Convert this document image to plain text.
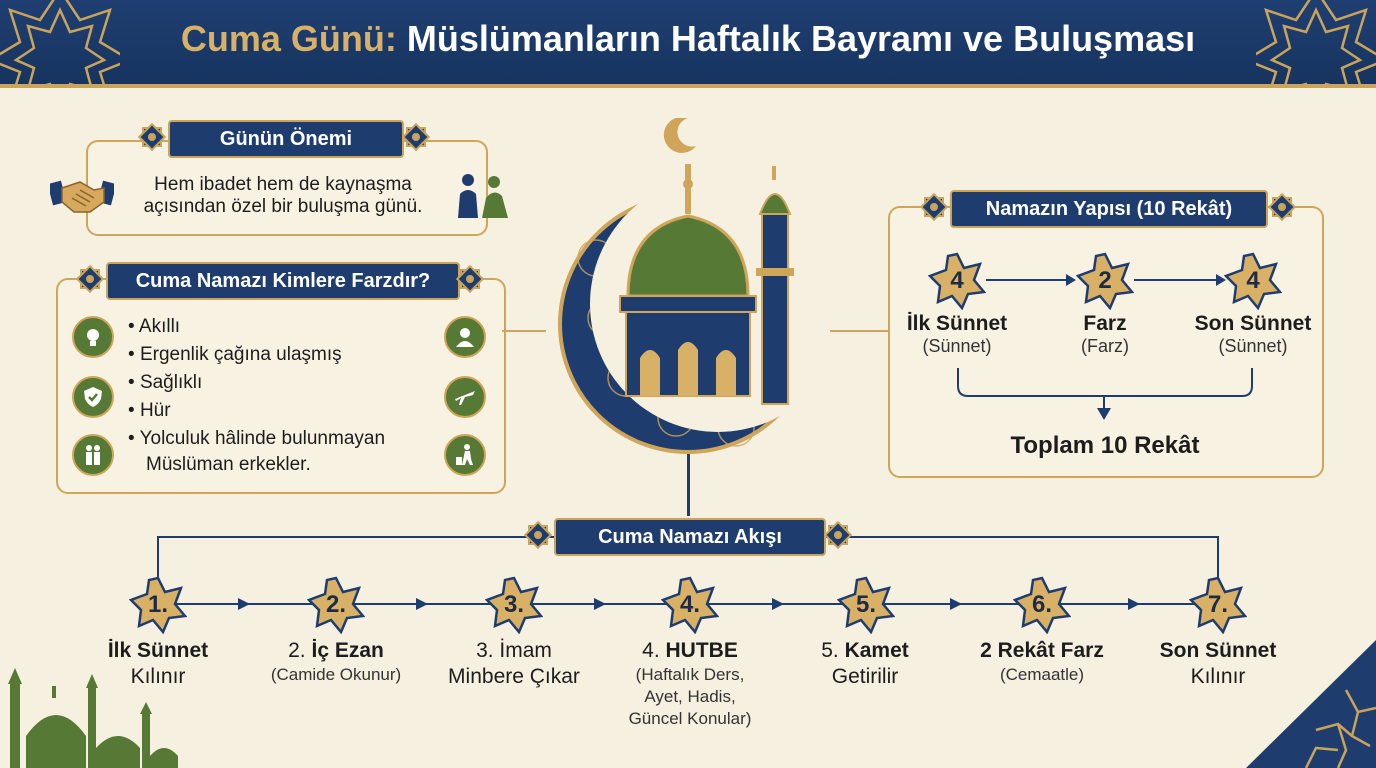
Cuma Günü: Müslümanların Haftalık Bayramı ve Buluşması
Günün Önemi
Hem ibadet hem de kaynaşma
açısından özel bir buluşma günü.
Cuma Namazı Kimlere Farzdır?
• Akıllı
• Ergenlik çağına ulaşmış
• Sağlıklı
• Hür
• Yolculuk hâlinde bulunmayan
Müslüman erkekler.
Namazın Yapısı (10 Rekât)
4	2	4
İlk Sünnet
(Sünnet)
Farz
(Farz)
Son Sünnet
(Sünnet)
Toplam 10 Rekât
Cuma Namazı Akışı
1.
İlk Sünnet
Kılınır
2.
2. İç Ezan
(Camide Okunur)
3.
3. İmam
Minbere Çıkar
4.
4. HUTBE
(Haftalık Ders,
Ayet, Hadis,
Güncel Konular)
5.
5. Kamet
Getirilir
6.
2 Rekât Farz
(Cemaatle)
7.
Son Sünnet
Kılınır
